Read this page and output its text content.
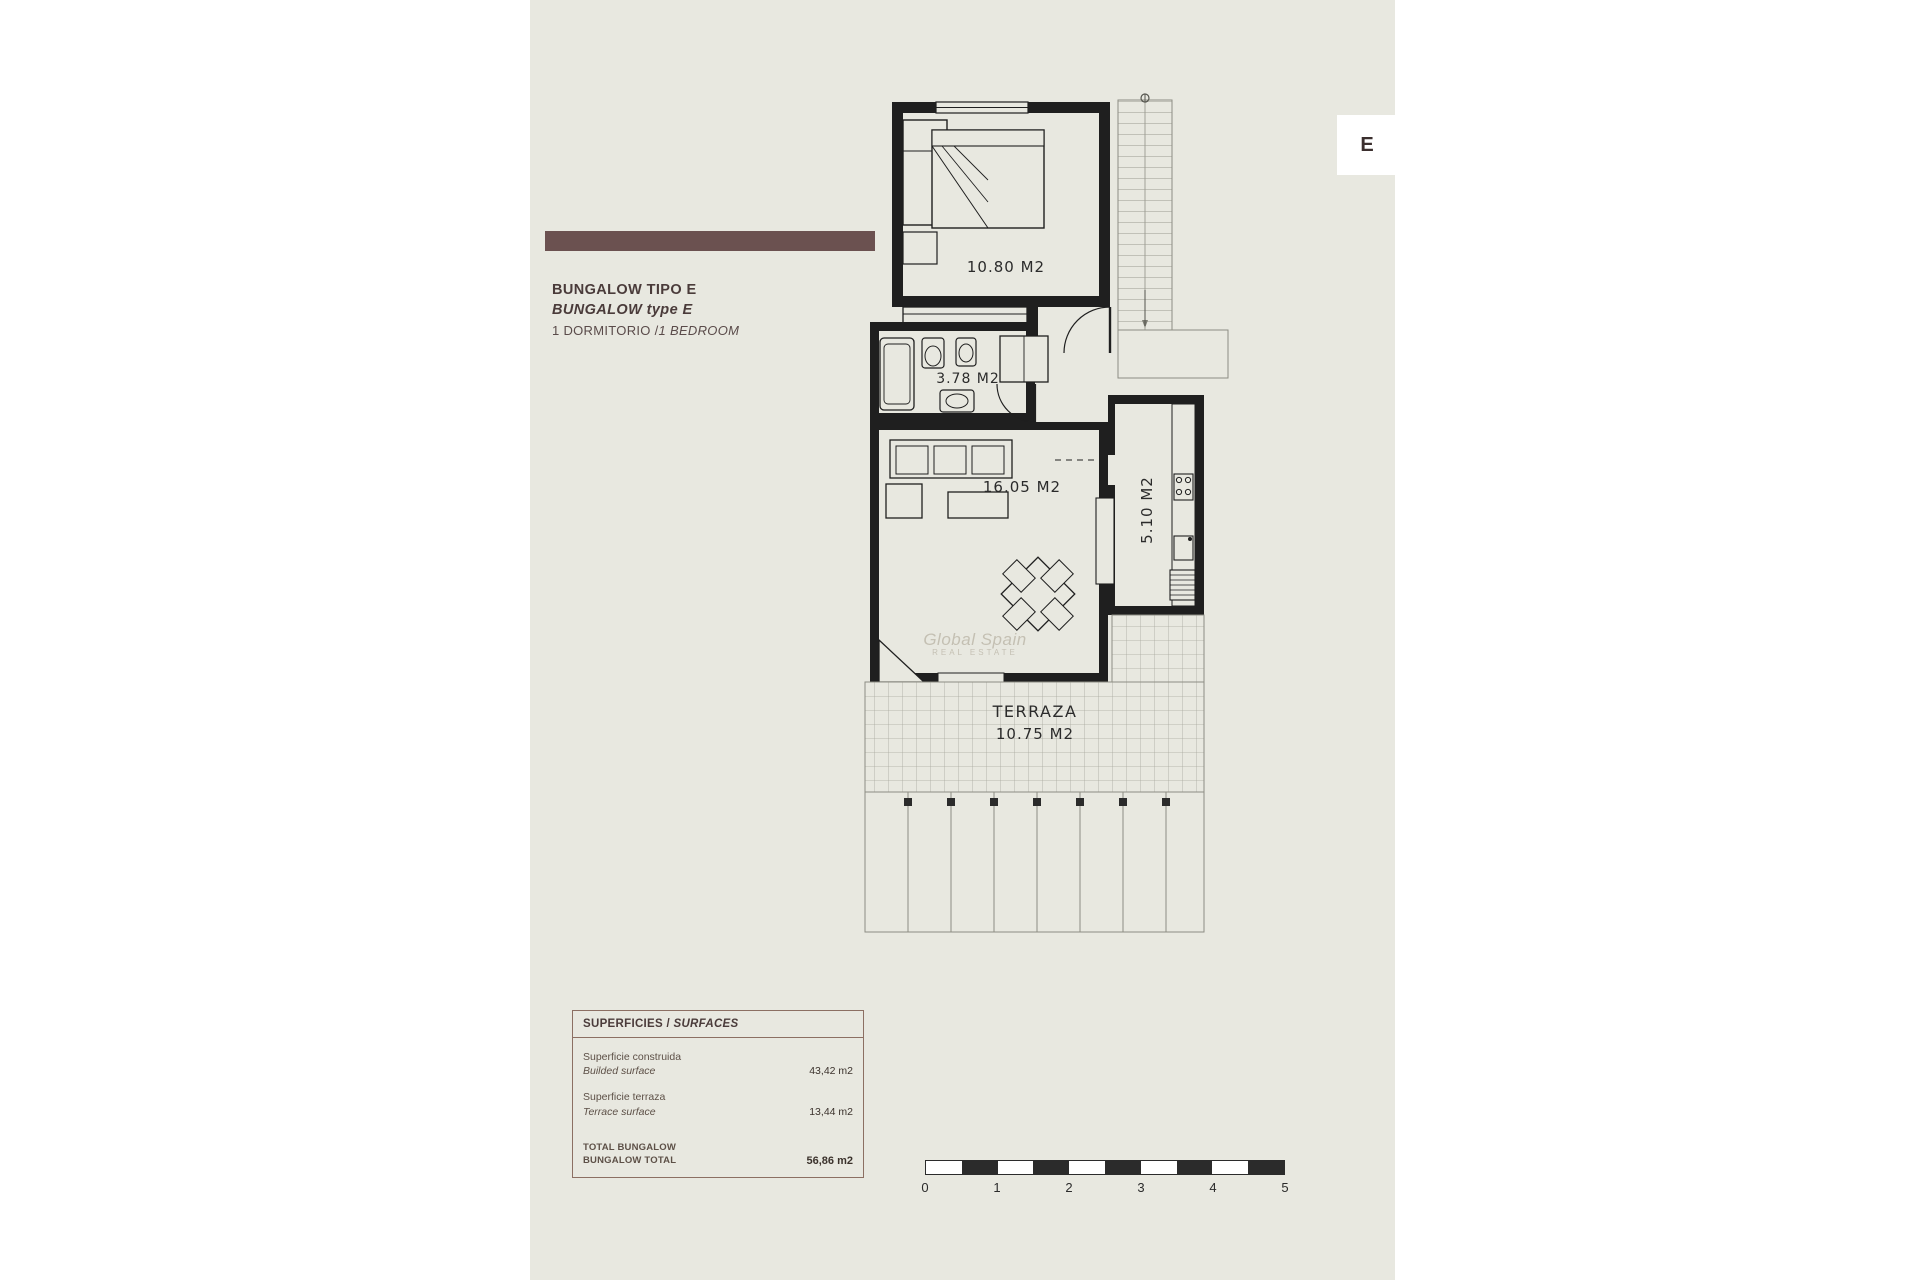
BUNGALOW TIPO E
BUNGALOW type E
1 DORMITORIO /1 BEDROOM
E
10.80 M2
3.78 M2
16.05 M2	5.10 M2
TERRAZA
10.75 M2
Global Spain
REAL ESTATE
SUPERFICIES / SURFACES
Superficie construida
Builded surface	43,42 m2
Superficie terraza
Terrace surface	13,44 m2
TOTAL BUNGALOW
BUNGALOW TOTAL	56,86 m2
0	1	2	3	4	5
